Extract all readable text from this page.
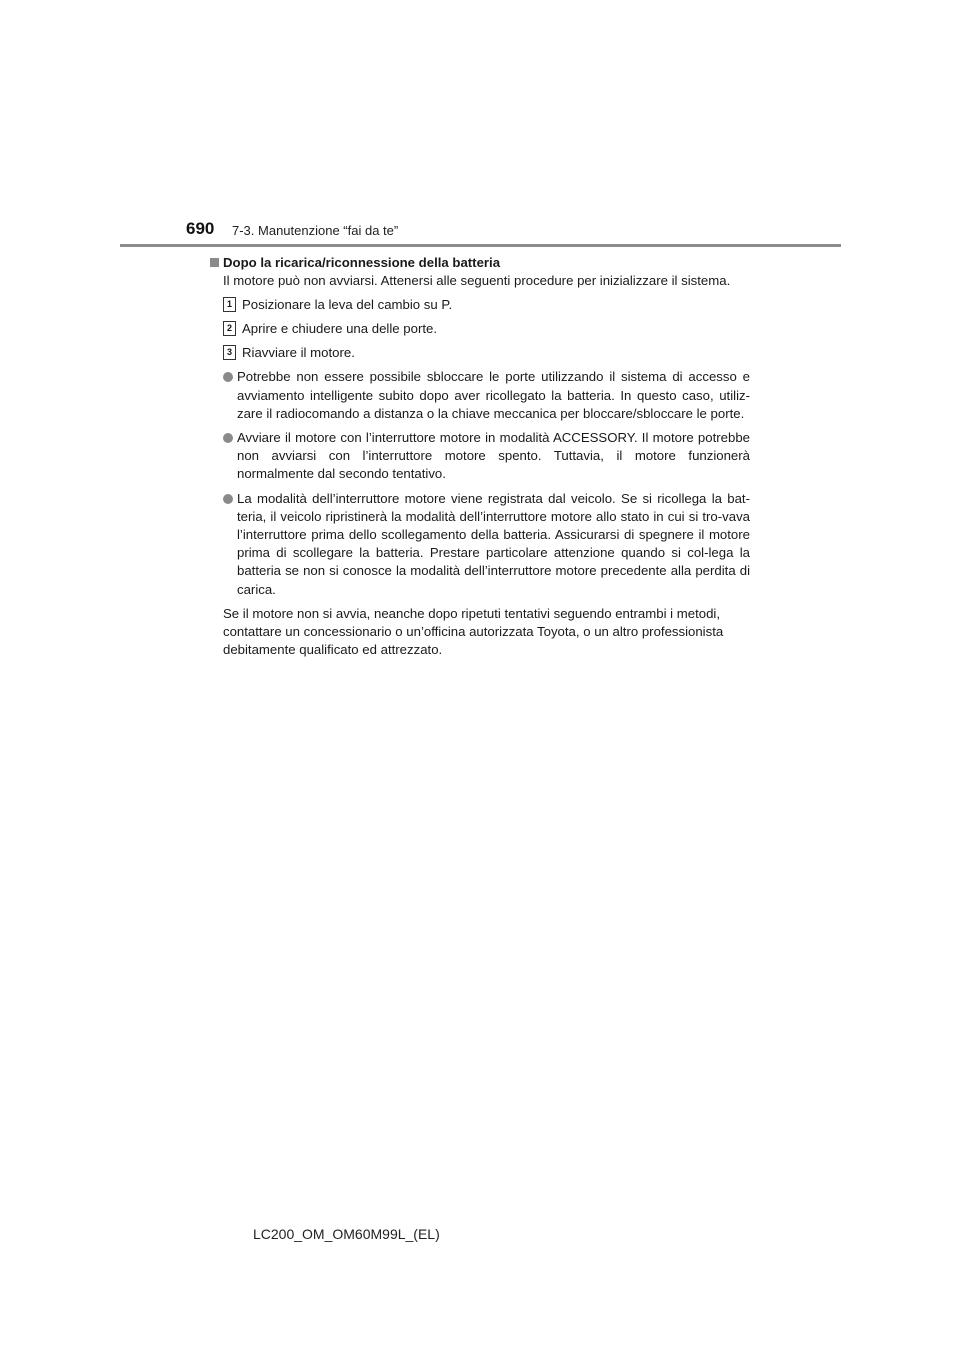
690 7-3. Manutenzione “fai da te”
Dopo la ricarica/riconnessione della batteria
Il motore può non avviarsi. Attenersi alle seguenti procedure per inizializzare il sistema.
1 Posizionare la leva del cambio su P.
2 Aprire e chiudere una delle porte.
3 Riavviare il motore.
Potrebbe non essere possibile sbloccare le porte utilizzando il sistema di accesso e avviamento intelligente subito dopo aver ricollegato la batteria. In questo caso, utiliz-zare il radiocomando a distanza o la chiave meccanica per bloccare/sbloccare le porte.
Avviare il motore con l’interruttore motore in modalità ACCESSORY. Il motore potrebbe non avviarsi con l’interruttore motore spento. Tuttavia, il motore funzionerà normalmente dal secondo tentativo.
La modalità dell’interruttore motore viene registrata dal veicolo. Se si ricollega la bat-teria, il veicolo ripristinerà la modalità dell’interruttore motore allo stato in cui si tro-vava l’interruttore prima dello scollegamento della batteria. Assicurarsi di spegnere il motore prima di scollegare la batteria. Prestare particolare attenzione quando si col-lega la batteria se non si conosce la modalità dell’interruttore motore precedente alla perdita di carica.
Se il motore non si avvia, neanche dopo ripetuti tentativi seguendo entrambi i metodi, contattare un concessionario o un’officina autorizzata Toyota, o un altro professionista debitamente qualificato ed attrezzato.
LC200_OM_OM60M99L_(EL)
